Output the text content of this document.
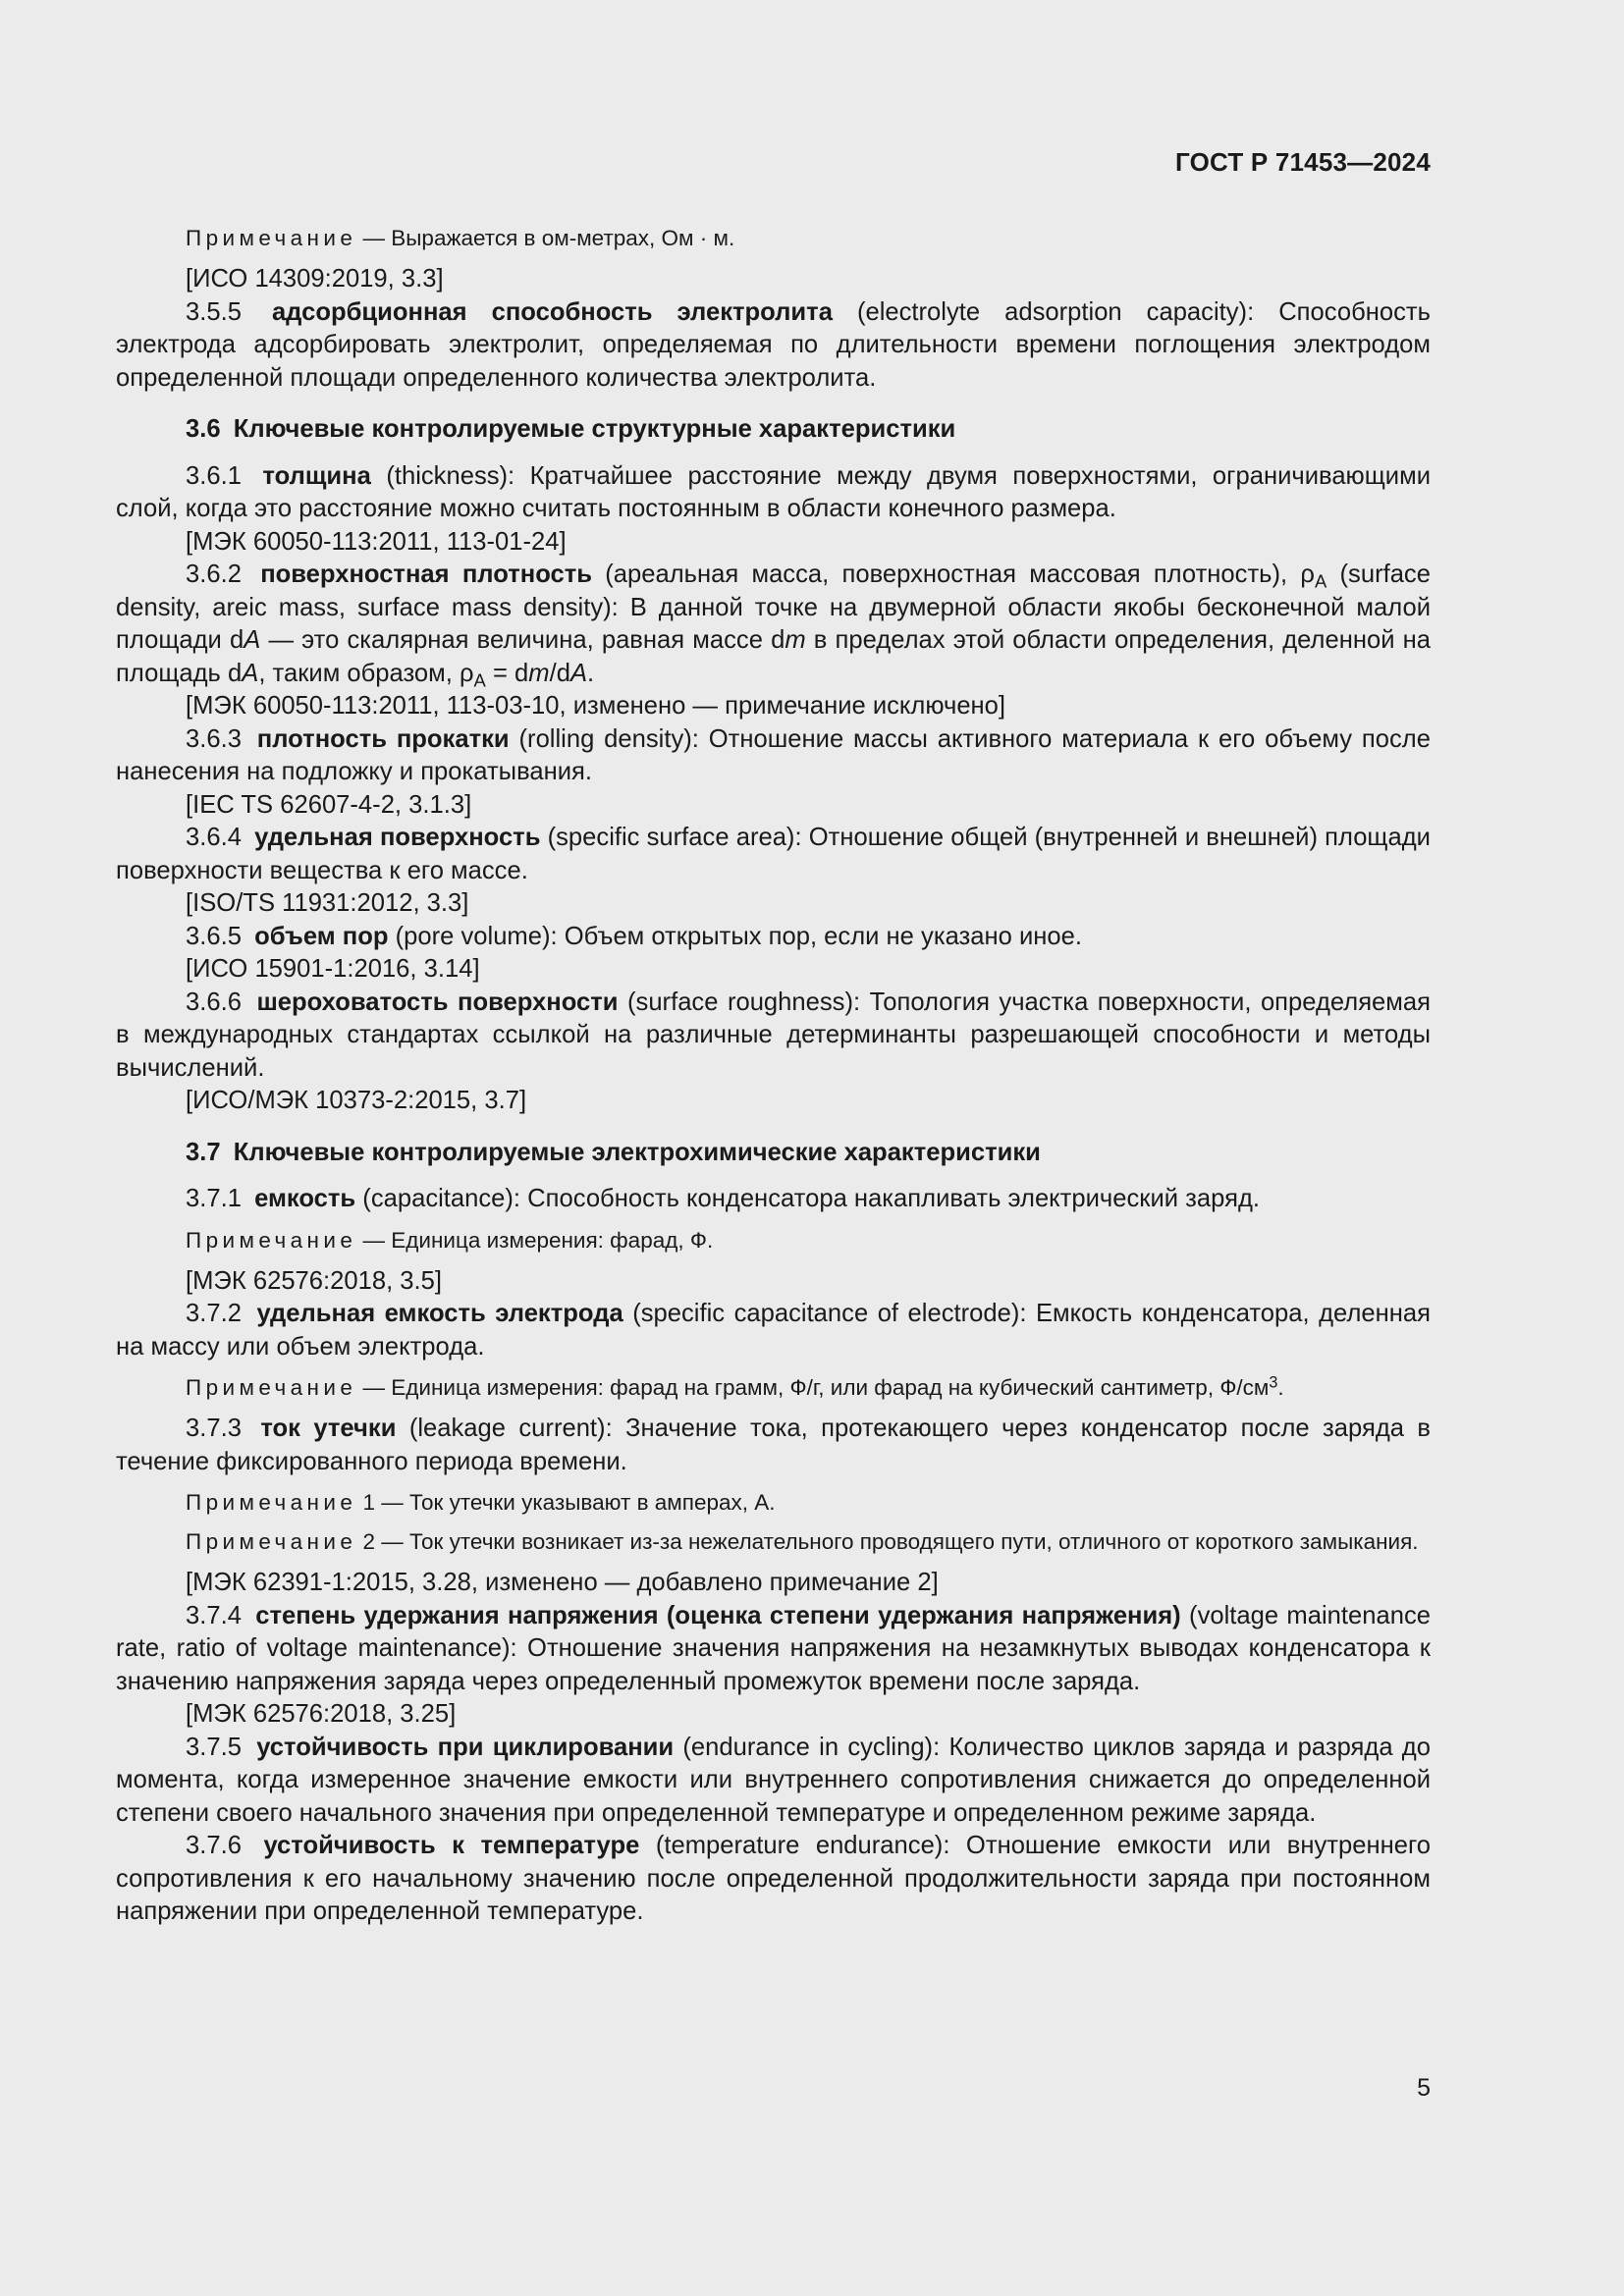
ГОСТ Р 71453—2024

Примечание — Выражается в ом-метрах, Ом · м.

[ИСО 14309:2019, 3.3]

3.5.5 адсорбционная способность электролита (electrolyte adsorption capacity): Способность электрода адсорбировать электролит, определяемая по длительности времени поглощения электродом определенной площади определенного количества электролита.

3.6 Ключевые контролируемые структурные характеристики

3.6.1 толщина (thickness): Кратчайшее расстояние между двумя поверхностями, ограничивающими слой, когда это расстояние можно считать постоянным в области конечного размера.

[МЭК 60050-113:2011, 113-01-24]

3.6.2 поверхностная плотность (ареальная масса, поверхностная массовая плотность), $\rho_A$ (surface density, areic mass, surface mass density): В данной точке на двумерной области якобы бесконечной малой площади dA — это скалярная величина, равная массе dm в пределах этой области определения, деленной на площадь dA, таким образом, $\rho_A = dm/dA$.

[МЭК 60050-113:2011, 113-03-10, изменено — примечание исключено]

3.6.3 плотность прокатки (rolling density): Отношение массы активного материала к его объему после нанесения на подложку и прокатывания.

[IEC TS 62607-4-2, 3.1.3]

3.6.4 удельная поверхность (specific surface area): Отношение общей (внутренней и внешней) площади поверхности вещества к его массе.

[ISO/TS 11931:2012, 3.3]

3.6.5 объем пор (pore volume): Объем открытых пор, если не указано иное.

[ИСО 15901-1:2016, 3.14]

3.6.6 шероховатость поверхности (surface roughness): Топология участка поверхности, определяемая в международных стандартах ссылкой на различные детерминанты разрешающей способности и методы вычислений.

[ИСО/МЭК 10373-2:2015, 3.7]

3.7 Ключевые контролируемые электрохимические характеристики

3.7.1 емкость (capacitance): Способность конденсатора накапливать электрический заряд.

Примечание — Единица измерения: фарад, Ф.

[МЭК 62576:2018, 3.5]

3.7.2 удельная емкость электрода (specific capacitance of electrode): Емкость конденсатора, деленная на массу или объем электрода.

Примечание — Единица измерения: фарад на грамм, Ф/г, или фарад на кубический сантиметр, $Ф/см^3$.

3.7.3 ток утечки (leakage current): Значение тока, протекающего через конденсатор после заряда в течение фиксированного периода времени.

Примечание 1 — Ток утечки указывают в амперах, А.

Примечание 2 — Ток утечки возникает из-за нежелательного проводящего пути, отличного от короткого замыкания.

[МЭК 62391-1:2015, 3.28, изменено — добавлено примечание 2]

3.7.4 степень удержания напряжения (оценка степени удержания напряжения) (voltage maintenance rate, ratio of voltage maintenance): Отношение значения напряжения на незамкнутых выводах конденсатора к значению напряжения заряда через определенный промежуток времени после заряда.

[МЭК 62576:2018, 3.25]

3.7.5 устойчивость при циклировании (endurance in cycling): Количество циклов заряда и разряда до момента, когда измеренное значение емкости или внутреннего сопротивления снижается до определенной степени своего начального значения при определенной температуре и определенном режиме заряда.

3.7.6 устойчивость к температуре (temperature endurance): Отношение емкости или внутреннего сопротивления к его начальному значению после определенной продолжительности заряда при постоянном напряжении при определенной температуре.

5
